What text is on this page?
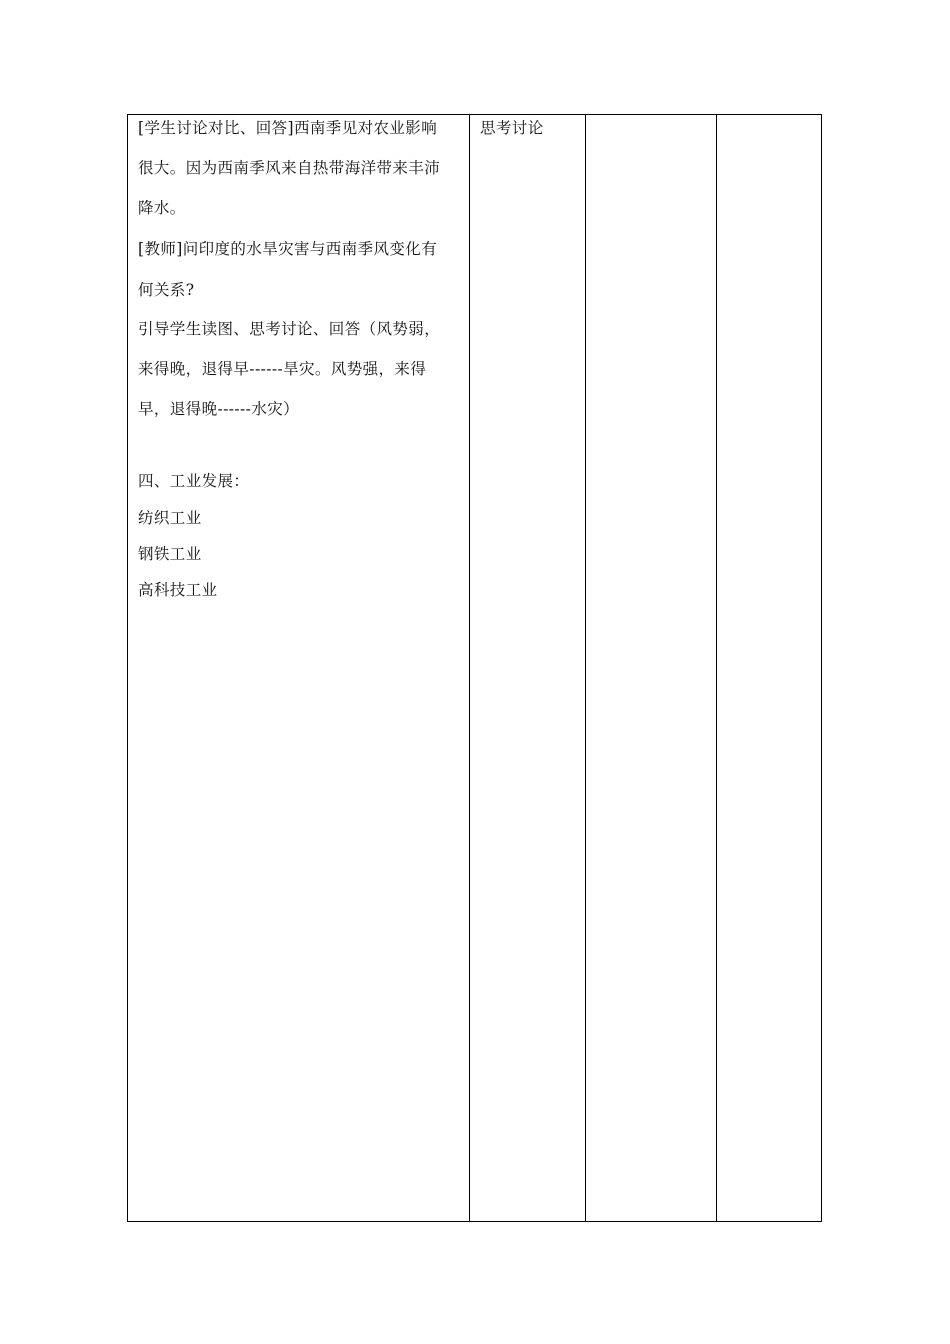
[学生讨论对比、回答]西南季见对农业影响
很大。因为西南季风来自热带海洋带来丰沛
降水。
[教师]问印度的水旱灾害与西南季风变化有
何关系?
引导学生读图、思考讨论、回答（风势弱，
来得晚，退得早------旱灾。风势强，来得
早，退得晚------水灾）
四、工业发展：
纺织工业
钢铁工业
高科技工业
思考讨论
